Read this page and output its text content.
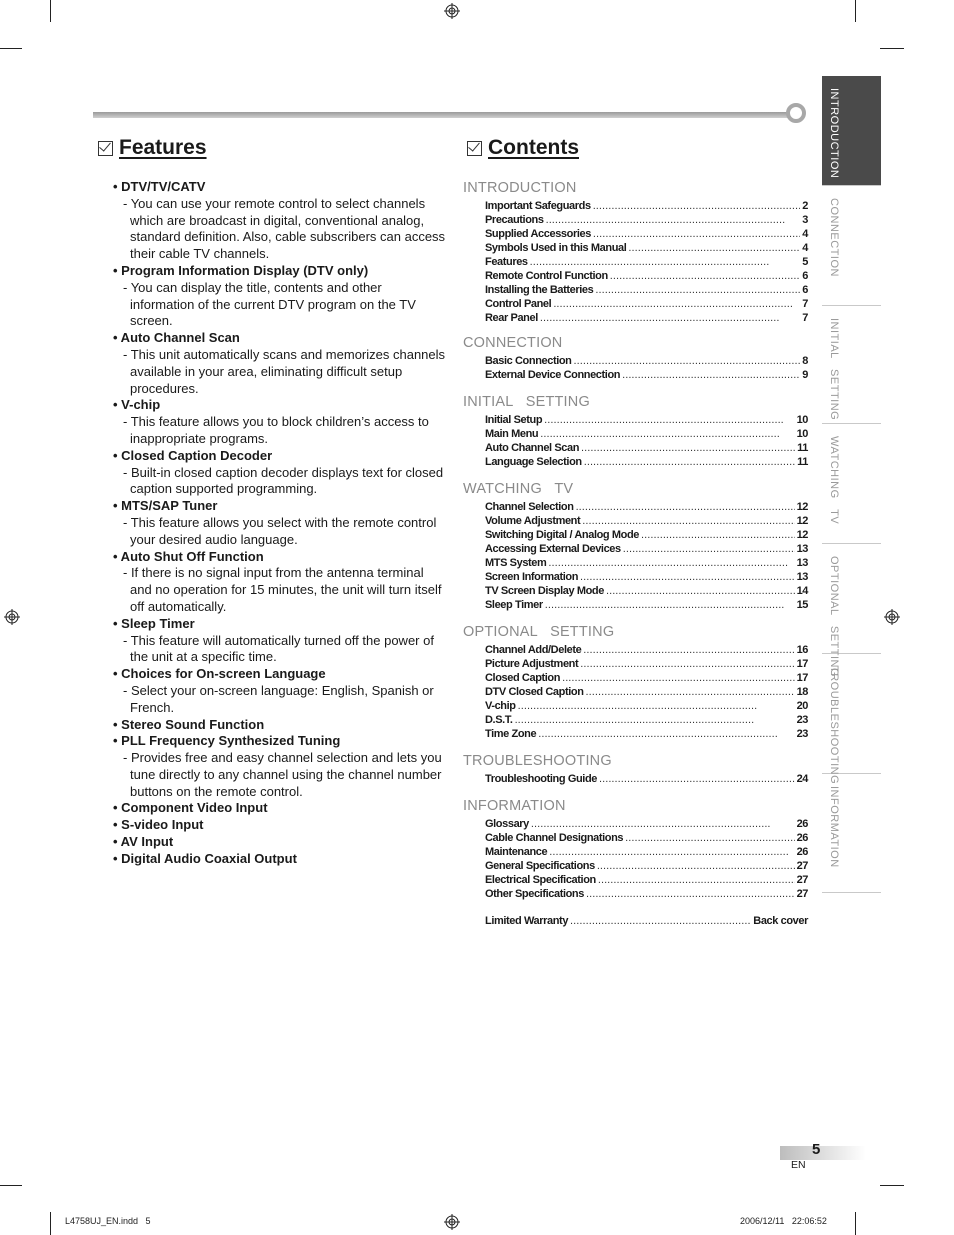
Features
• DTV/TV/CATV
- You can use your remote control to select channels which are broadcast in digital, conventional analog, standard definition. Also, cable subscribers can access their cable TV channels.
• Program Information Display (DTV only)
- You can display the title, contents and other information of the current DTV program on the TV screen.
• Auto Channel Scan
- This unit automatically scans and memorizes channels available in your area, eliminating difficult setup procedures.
• V-chip
- This feature allows you to block children’s access to inappropriate programs.
• Closed Caption Decoder
- Built-in closed caption decoder displays text for closed caption supported programming.
• MTS/SAP Tuner
- This feature allows you select with the remote control your desired audio language.
• Auto Shut Off Function
- If there is no signal input from the antenna terminal and no operation for 15 minutes, the unit will turn itself off automatically.
• Sleep Timer
- This feature will automatically turned off the power of the unit at a specific time.
• Choices for On-screen Language
- Select your on-screen language: English, Spanish or French.
• Stereo Sound Function
• PLL Frequency Synthesized Tuning
- Provides free and easy channel selection and lets you tune directly to any channel using the channel number buttons on the remote control.
• Component Video Input
• S-video Input
• AV Input
• Digital Audio Coaxial Output
Contents
INTRODUCTION
Important Safeguards . . .	2
Precautions . . .	3
Supplied Accessories . . .	4
Symbols Used in this Manual . . .	4
Features . . .	5
Remote Control Function . . .	6
Installing the Batteries . . .	6
Control Panel . . .	7
Rear Panel . . .	7
CONNECTION
Basic Connection . . .	8
External Device Connection . . .	9
INITIAL   SETTING
Initial Setup . . .	10
Main Menu . . .	10
Auto Channel Scan . . .	11
Language Selection . . .	11
WATCHING   TV
Channel Selection . . .	12
Volume Adjustment . . .	12
Switching Digital / Analog Mode . . .	12
Accessing External Devices . . .	13
MTS System . . .	13
Screen Information . . .	13
TV Screen Display Mode . . .	14
Sleep Timer . . .	15
OPTIONAL   SETTING
Channel Add/Delete . . .	16
Picture Adjustment . . .	17
Closed Caption . . .	17
DTV Closed Caption . . .	18
V-chip . . .	20
D.S.T. . . .	23
Time Zone . . .	23
TROUBLESHOOTING
Troubleshooting Guide . . .	24
INFORMATION
Glossary . . .	26
Cable Channel Designations . . .	26
Maintenance . . .	26
General Specifications . . .	27
Electrical Specification . . .	27
Other Specifications . . .	27
Limited Warranty . . .	Back cover
INTRODUCTION
CONNECTION
INITIAL   SETTING
WATCHING   TV
OPTIONAL   SETTING
TROUBLESHOOTING
INFORMATION
5
EN
L4758UJ_EN.indd   5	2006/12/11   22:06:52
